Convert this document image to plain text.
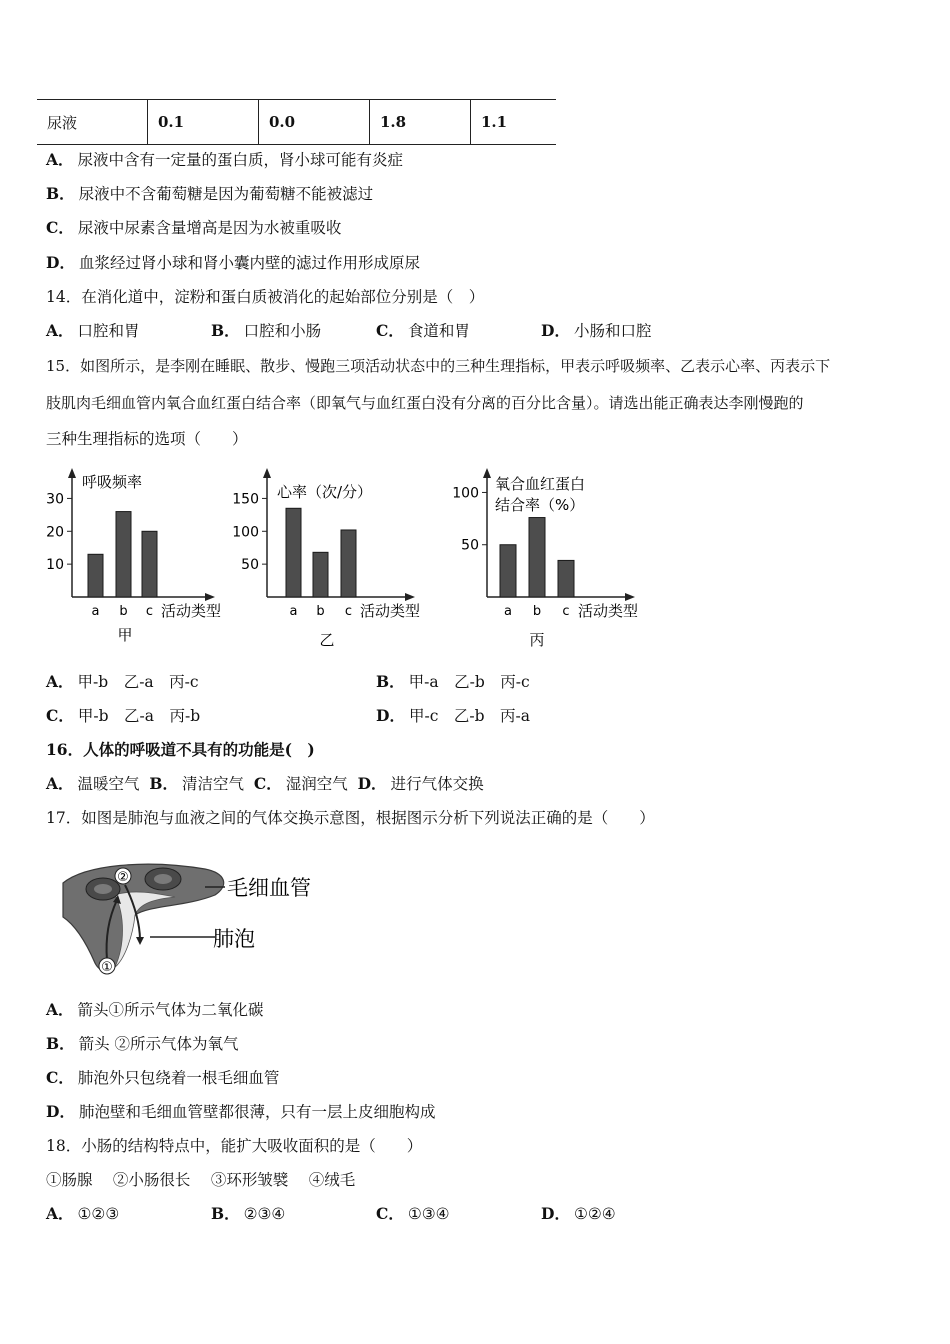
尿液	0.1	0.0	1.8	1.1
A． 尿液中含有一定量的蛋白质，肾小球可能有炎症
B． 尿液中不含葡萄糖是因为葡萄糖不能被滤过
C． 尿液中尿素含量增高是因为水被重吸收
D． 血浆经过肾小球和肾小囊内壁的滤过作用形成原尿
14．在消化道中，淀粉和蛋白质被消化的起始部位分别是（　）
A． 口腔和胃	B． 口腔和小肠	C． 食道和胃	D． 小肠和口腔
15．如图所示，是李刚在睡眠、散步、慢跑三项活动状态中的三种生理指标，甲表示呼吸频率、乙表示心率、丙表示下
肢肌肉毛细血管内氧合血红蛋白结合率（即氧气与血红蛋白没有分离的百分比含量）。请选出能正确表达李刚慢跑的
三种生理指标的选项（　　）
10
20
30
a b c 活动类型
呼吸频率
甲
50
100
150
a b c 活动类型
心率（次/分）
乙
50
100
a b c 活动类型
氧合血红蛋白
结合率（%）
丙
A． 甲-b　乙-a　丙-c	B． 甲-a　乙-b　丙-c
C． 甲-b　乙-a　丙-b	D． 甲-c　乙-b　丙-a
16．人体的呼吸道不具有的功能是(　)
A． 温暖空气 B． 清洁空气 C． 湿润空气 D． 进行气体交换
17．如图是肺泡与血液之间的气体交换示意图，根据图示分析下列说法正确的是（　　）
②
①
毛细血管
肺泡
A． 箭头①所示气体为二氧化碳
B． 箭头 ②所示气体为氧气
C． 肺泡外只包绕着一根毛细血管
D． 肺泡壁和毛细血管壁都很薄，只有一层上皮细胞构成
18．小肠的结构特点中，能扩大吸收面积的是（　　）
①肠腺　 ②小肠很长　 ③环形皱襞　 ④绒毛
A． ①②③	B． ②③④	C． ①③④	D． ①②④
